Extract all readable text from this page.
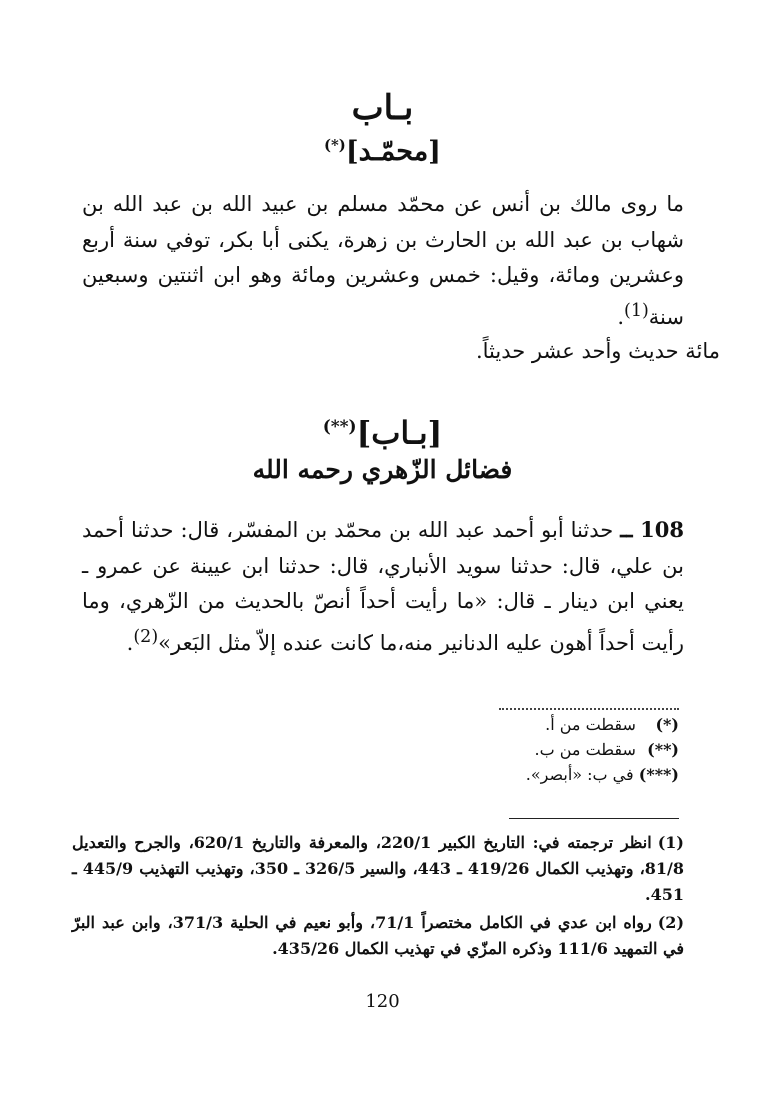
بـاب
[محمّـد](*)
ما روى مالك بن أنس عن محمّد مسلم بن عبيد الله بن عبد الله بن شهاب بن عبد الله بن الحارث بن زهرة، يكنى أبا بكر، توفي سنة أربع وعشرين ومائة، وقيل: خمس وعشرين ومائة وهو ابن اثنتين وسبعين سنة$^{(1)}$.
مائة حديث وأحد عشر حديثاً.
[بـاب](**)
فضائل الزّهري رحمه الله
108 ــ حدثنا أبو أحمد عبد الله بن محمّد بن المفسّر، قال: حدثنا أحمد بن علي، قال: حدثنا سويد الأنباري، قال: حدثنا ابن عيينة عن عمرو ـ يعني ابن دينار ـ قال: «ما رأيت أحداً أنصّ بالحديث من الزّهري، وما رأيت أحداً أهون عليه الدنانير منه،ما كانت عنده إلاّ مثل البَعر»$^{(2)}$.
(*) سقطت من أ.
(**) سقطت من ب.
(***) في ب: «أبصر».
(1)انظر ترجمته في: التاريخ الكبير 220/1، والمعرفة والتاريخ 620/1، والجرح والتعديل 81/8، وتهذيب الكمال 419/26 ـ 443، والسير 326/5 ـ 350، وتهذيب التهذيب 445/9 ـ 451.
(2)رواه ابن عدي في الكامل مختصراً 71/1، وأبو نعيم في الحلية 371/3، وابن عبد البرّ في التمهيد 111/6 وذكره المزّي في تهذيب الكمال 435/26.
120
